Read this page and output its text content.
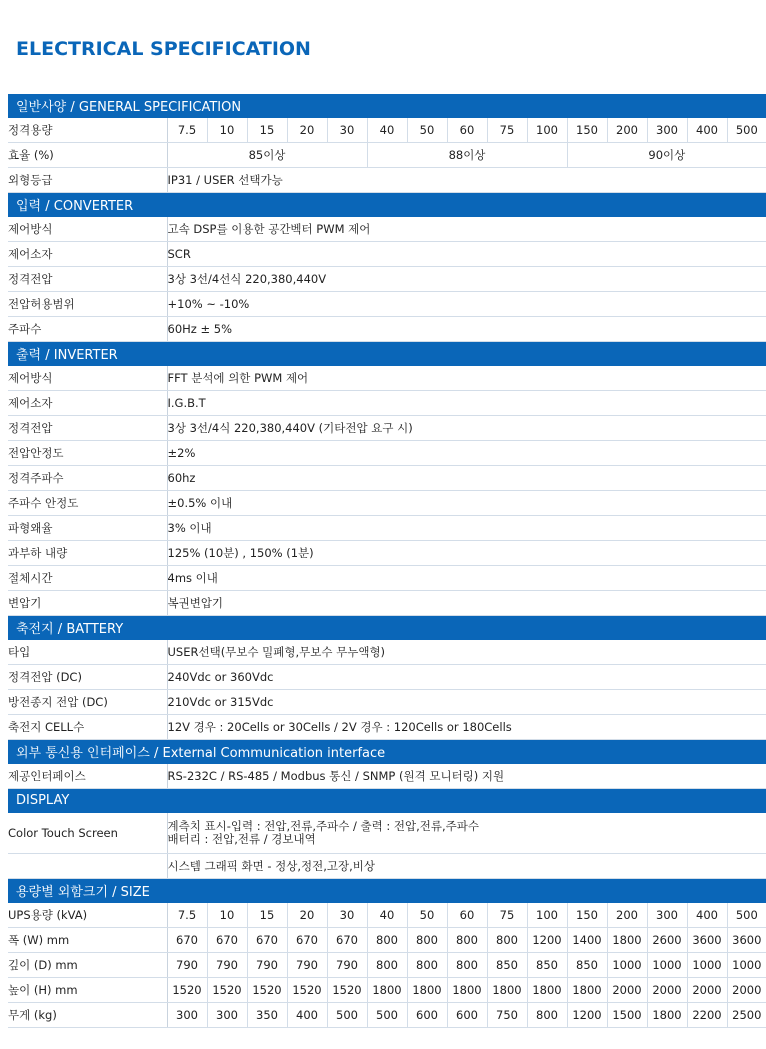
ELECTRICAL SPECIFICATION
일반사양 / GENERAL SPECIFICATION															
정격용량	7.5	10	15	20	30	40	50	60	75	100	150	200	300	400	500
효율 (%)	85이상					88이상					90이상				
외형등급	IP31 / USER 선택가능														
입력 / CONVERTER															
제어방식	고속 DSP를 이용한 공간벡터 PWM 제어														
제어소자	SCR														
정격전압	3상 3선/4선식 220,380,440V														
전압허용범위	+10% ~ -10%														
주파수	60Hz ± 5%														
출력 / INVERTER															
제어방식	FFT 분석에 의한 PWM 제어														
제어소자	I.G.B.T														
정격전압	3상 3선/4식 220,380,440V (기타전압 요구 시)														
전압안정도	±2%														
정격주파수	60hz														
주파수 안정도	±0.5% 이내														
파형왜율	3% 이내														
과부하 내량	125% (10분) , 150% (1분)														
절체시간	4ms 이내														
변압기	복권변압기														
축전지 / BATTERY															
타입	USER선택(무보수 밀폐형,무보수 무누액형)														
정격전압 (DC)	240Vdc or 360Vdc														
방전종지 전압 (DC)	210Vdc or 315Vdc														
축전지 CELL수	12V 경우 : 20Cells or 30Cells / 2V 경우 : 120Cells or 180Cells														
외부 통신용 인터페이스 / External Communication interface															
제공인터페이스	RS-232C / RS-485 / Modbus 통신 / SNMP (원격 모니터링) 지원														
DISPLAY															
Color Touch Screen	계측치 표시-입력 : 전압,전류,주파수 / 출력 : 전압,전류,주파수
배터리 : 전압,전류 / 경보내역														

	시스템 그래픽 화면 - 정상,정전,고장,비상														
용량별 외함크기 / SIZE															
UPS용량 (kVA)	7.5	10	15	20	30	40	50	60	75	100	150	200	300	400	500
폭 (W) mm	670	670	670	670	670	800	800	800	800	1200	1400	1800	2600	3600	3600
깊이 (D) mm	790	790	790	790	790	800	800	800	850	850	850	1000	1000	1000	1000
높이 (H) mm	1520	1520	1520	1520	1520	1800	1800	1800	1800	1800	1800	2000	2000	2000	2000
무게 (kg)	300	300	350	400	500	500	600	600	750	800	1200	1500	1800	2200	2500
